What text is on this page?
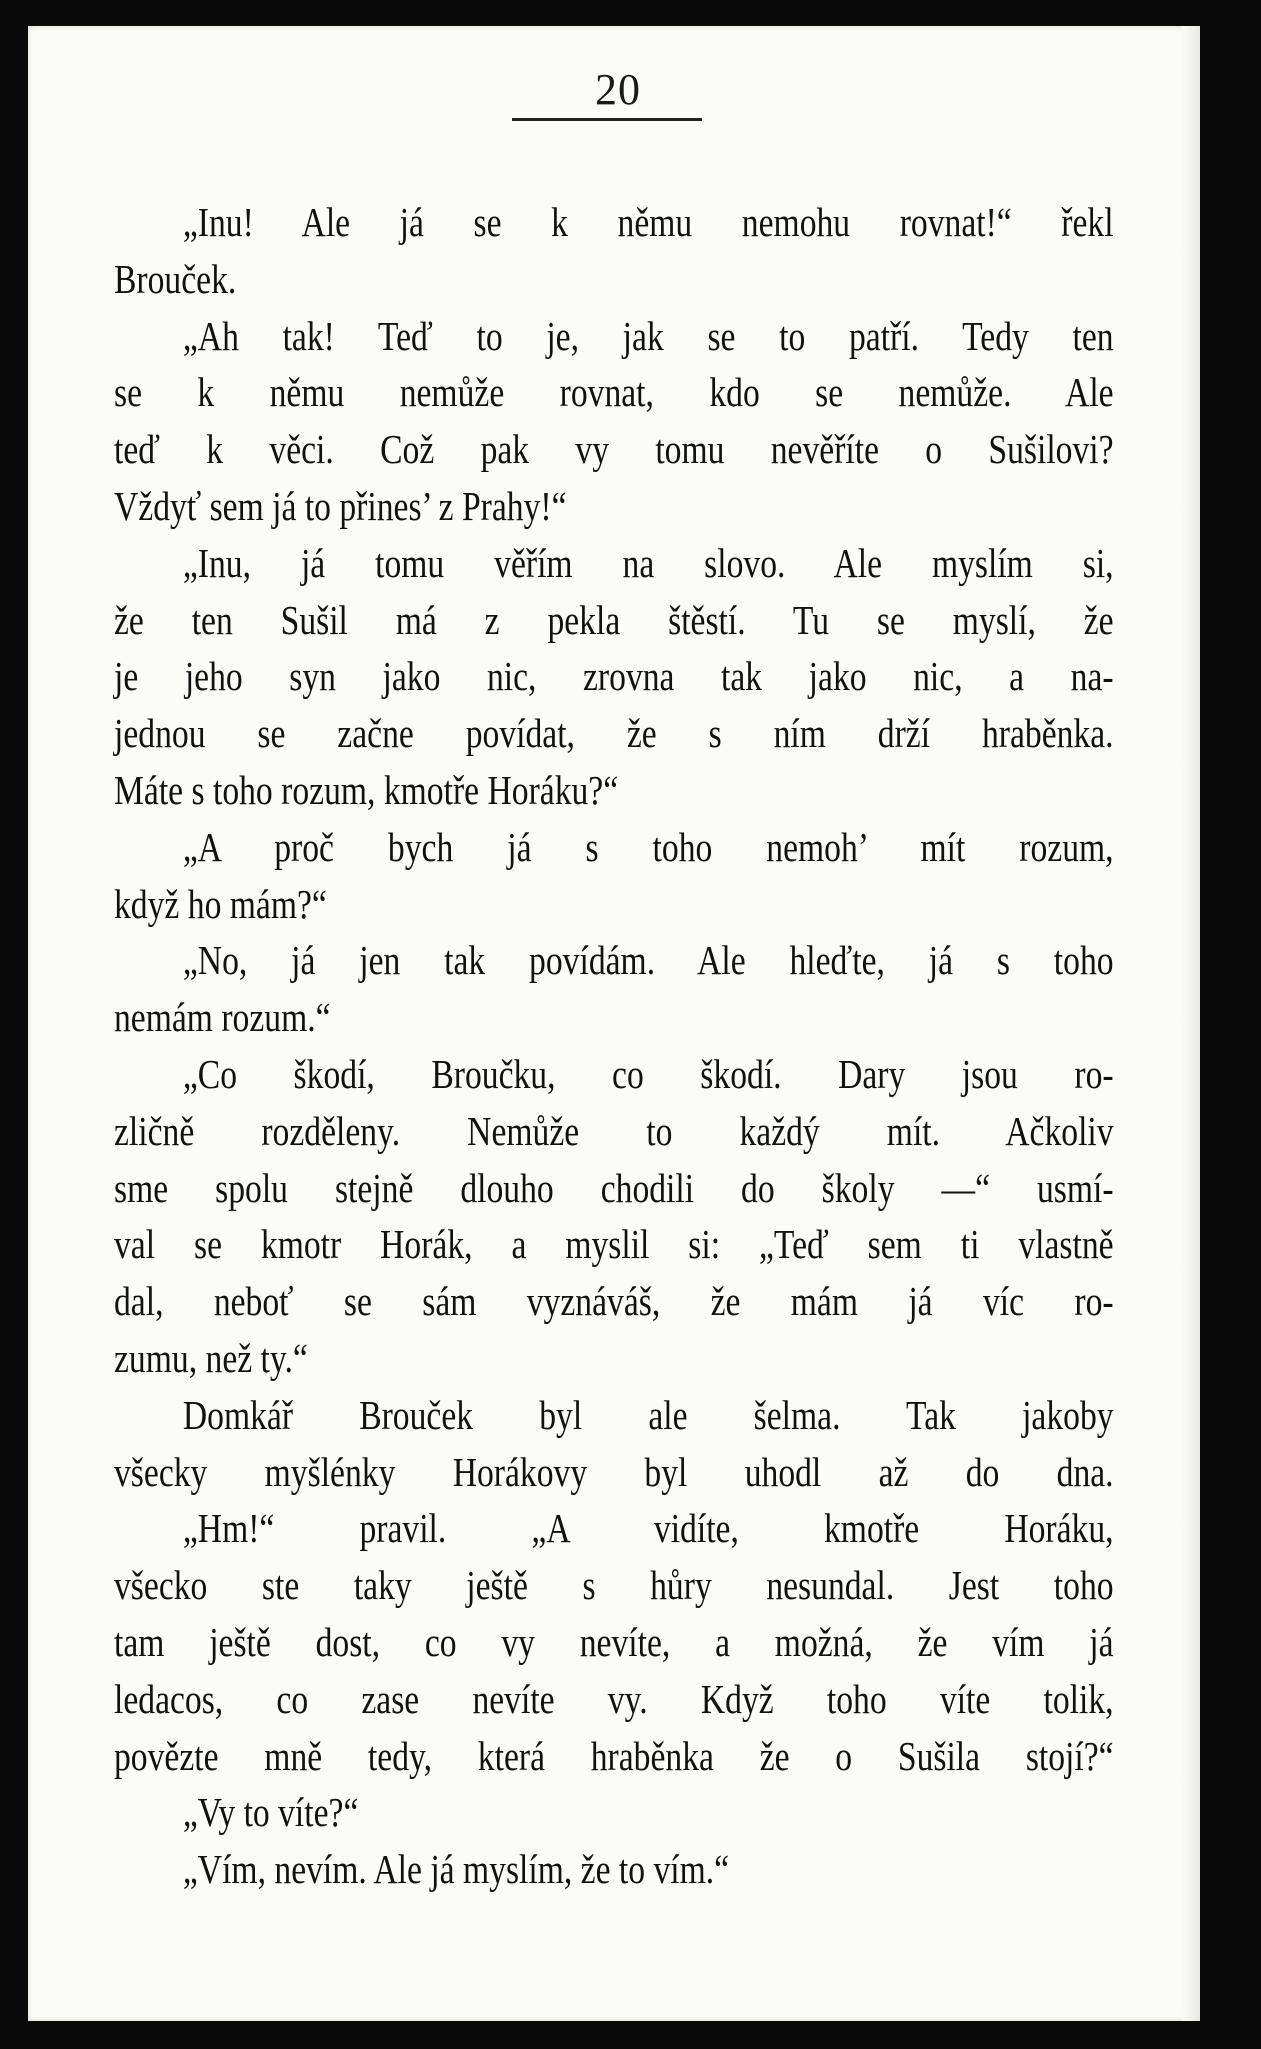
20
„Inu! Ale já se k němu nemohu rovnat!“ řekl
Brouček.
„Ah tak! Teď to je, jak se to patří. Tedy ten
se k němu nemůže rovnat, kdo se nemůže. Ale
teď k věci. Což pak vy tomu nevěříte o Sušilovi?
Vždyť sem já to přines’ z Prahy!“
„Inu, já tomu věřím na slovo. Ale myslím si,
že ten Sušil má z pekla štěstí. Tu se myslí, že
je jeho syn jako nic, zrovna tak jako nic, a na-
jednou se začne povídat, že s ním drží hraběnka.
Máte s toho rozum, kmotře Horáku?“
„A proč bych já s toho nemoh’ mít rozum,
když ho mám?“
„No, já jen tak povídám. Ale hleďte, já s toho
nemám rozum.“
„Co škodí, Broučku, co škodí. Dary jsou ro-
zličně rozděleny. Nemůže to každý mít. Ačkoliv
sme spolu stejně dlouho chodili do školy —“ usmí-
val se kmotr Horák, a myslil si: „Teď sem ti vlastně
dal, neboť se sám vyznáváš, že mám já víc ro-
zumu, než ty.“
Domkář Brouček byl ale šelma. Tak jakoby
všecky myšlénky Horákovy byl uhodl až do dna.
„Hm!“ pravil. „A vidíte, kmotře Horáku,
všecko ste taky ještě s hůry nesundal. Jest toho
tam ještě dost, co vy nevíte, a možná, že vím já
ledacos, co zase nevíte vy. Když toho víte tolik,
povězte mně tedy, která hraběnka že o Sušila stojí?“
„Vy to víte?“
„Vím, nevím. Ale já myslím, že to vím.“
